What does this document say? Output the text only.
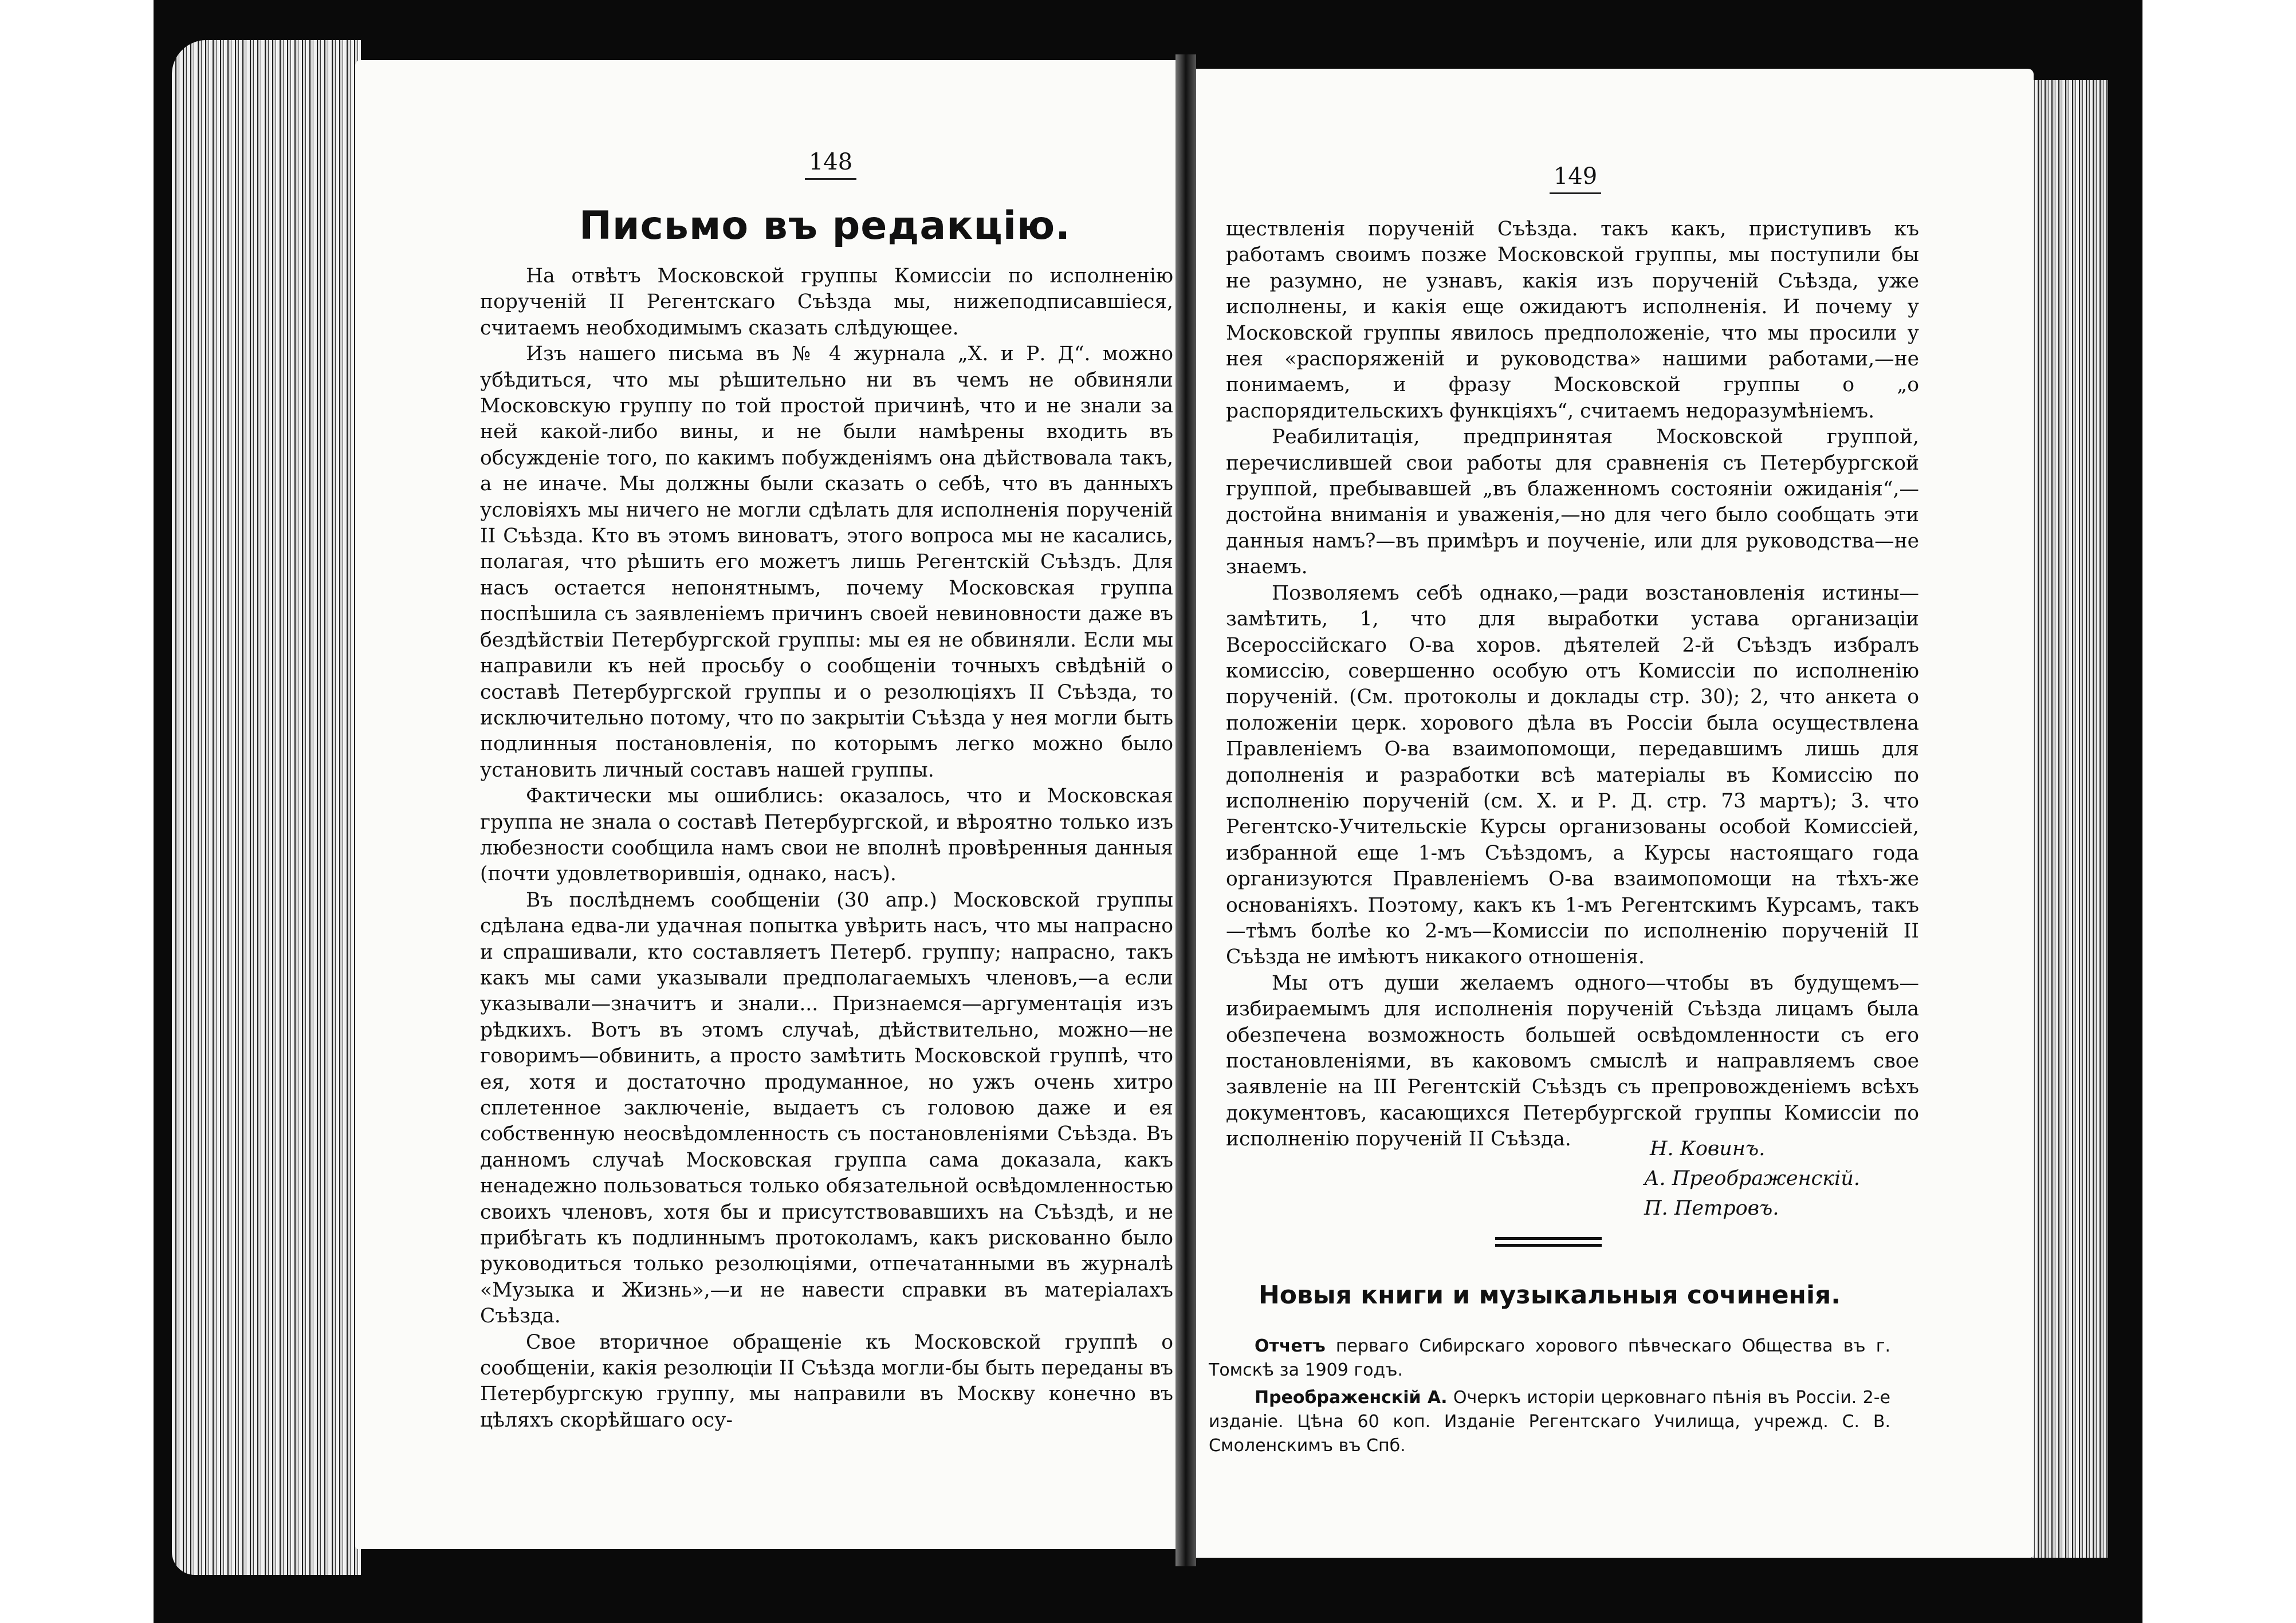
148
Письмо въ редакцію.

На отвѣтъ Московской группы Комиссіи по исполненію порученій II Регентскаго Съѣзда мы, нижеподписавшіеся, считаемъ необходимымъ сказать слѣдующее.

Изъ нашего письма въ № 4 журнала „Х. и Р. Д“. можно убѣдиться, что мы рѣшительно ни въ чемъ не обвиняли Московскую группу по той простой причинѣ, что и не знали за ней какой-либо вины, и не были намѣрены входить въ обсужденіе того, по какимъ побужденіямъ она дѣйствовала такъ, а не иначе. Мы должны были сказать о себѣ, что въ данныхъ условіяхъ мы ничего не могли сдѣлать для исполненія порученій II Съѣзда. Кто въ этомъ виноватъ, этого вопроса мы не касались, полагая, что рѣшить его можетъ лишь Регентскій Съѣздъ. Для насъ остается непонятнымъ, почему Московская группа поспѣшила съ заявленіемъ причинъ своей невиновности даже въ бездѣйствіи Петербургской группы: мы ея не обвиняли. Если мы направили къ ней просьбу о сообщеніи точныхъ свѣдѣній о составѣ Петербургской группы и о резолюціяхъ II Съѣзда, то исключительно потому, что по закрытіи Съѣзда у нея могли быть подлинныя постановленія, по которымъ легко можно было установить личный составъ нашей группы.

Фактически мы ошиблись: оказалось, что и Московская группа не знала о составѣ Петербургской, и вѣроятно только изъ любезности сообщила намъ свои не вполнѣ провѣренныя данныя (почти удовлетворившія, однако, насъ).

Въ послѣднемъ сообщеніи (30 апр.) Московской группы сдѣлана едва-ли удачная попытка увѣрить насъ, что мы напрасно и спрашивали, кто составляетъ Петерб. группу; напрасно, такъ какъ мы сами указывали предполагаемыхъ членовъ,—а если указывали—значитъ и знали... Признаемся—аргументація изъ рѣдкихъ. Вотъ въ этомъ случаѣ, дѣйствительно, можно—не говоримъ—обвинить, а просто замѣтить Московской группѣ, что ея, хотя и достаточно продуманное, но ужъ очень хитро сплетенное заключеніе, выдаетъ съ головою даже и ея собственную неосвѣдомленность съ постановленіями Съѣзда. Въ данномъ случаѣ Московская группа сама доказала, какъ ненадежно пользоваться только обязательной освѣдомленностью своихъ членовъ, хотя бы и присутствовавшихъ на Съѣздѣ, и не прибѣгать къ подлиннымъ протоколамъ, какъ рискованно было руководиться только резолюціями, отпечатанными въ журналѣ «Музыка и Жизнь»,—и не навести справки въ матеріалахъ Съѣзда.

Свое вторичное обращеніе къ Московской группѣ о сообщеніи, какія резолюціи II Съѣзда могли-бы быть переданы въ Петербургскую группу, мы направили въ Москву конечно въ цѣляхъ скорѣйшаго осу-

149

ществленія порученій Съѣзда. такъ какъ, приступивъ къ работамъ своимъ позже Московской группы, мы поступили бы не разумно, не узнавъ, какія изъ порученій Съѣзда, уже исполнены, и какія еще ожидаютъ исполненія. И почему у Московской группы явилось предположеніе, что мы просили у нея «распоряженій и руководства» нашими работами,—не понимаемъ, и фразу Московской группы о „о распорядительскихъ функціяхъ“, считаемъ недоразумѣніемъ.

Реабилитація, предпринятая Московской группой, перечислившей свои работы для сравненія съ Петербургской группой, пребывавшей „въ блаженномъ состояніи ожиданія“,—достойна вниманія и уваженія,—но для чего было сообщать эти данныя намъ?—въ примѣръ и поученіе, или для руководства—не знаемъ.

Позволяемъ себѣ однако,—ради возстановленія истины—замѣтить, 1, что для выработки устава организаціи Всероссійскаго О-ва хоров. дѣятелей 2-й Съѣздъ избралъ комиссію, совершенно особую отъ Комиссіи по исполненію порученій. (См. протоколы и доклады стр. 30); 2, что анкета о положеніи церк. хорового дѣла въ Россіи была осуществлена Правленіемъ О-ва взаимопомощи, передавшимъ лишь для дополненія и разработки всѣ матеріалы въ Комиссію по исполненію порученій (см. Х. и Р. Д. стр. 73 мартъ); 3. что Регентско-Учительскіе Курсы организованы особой Комиссіей, избранной еще 1-мъ Съѣздомъ, а Курсы настоящаго года организуются Правленіемъ О-ва взаимопомощи на тѣхъ-же основаніяхъ. Поэтому, какъ къ 1-мъ Регентскимъ Курсамъ, такъ—тѣмъ болѣе ко 2-мъ—Комиссіи по исполненію порученій II Съѣзда не имѣютъ никакого отношенія.

Мы отъ души желаемъ одного—чтобы въ будущемъ—избираемымъ для исполненія порученій Съѣзда лицамъ была обезпечена возможность большей освѣдомленности съ его постановленіями, въ каковомъ смыслѣ и направляемъ свое заявленіе на III Регентскій Съѣздъ съ препровожденіемъ всѣхъ документовъ, касающихся Петербургской группы Комиссіи по исполненію порученій II Съѣзда.	Н. Ковинъ.
А. Преображенскій.
П. Петровъ.
Новыя книги и музыкальныя сочиненія.

Отчетъ перваго Сибирскаго хорового пѣвческаго Общества въ г. Томскѣ за 1909 годъ.

Преображенскій А. Очеркъ исторіи церковнаго пѣнія въ Россіи. 2-е изданіе. Цѣна 60 коп. Изданіе Регентскаго Училища, учрежд. С. В. Смоленскимъ въ Спб.
